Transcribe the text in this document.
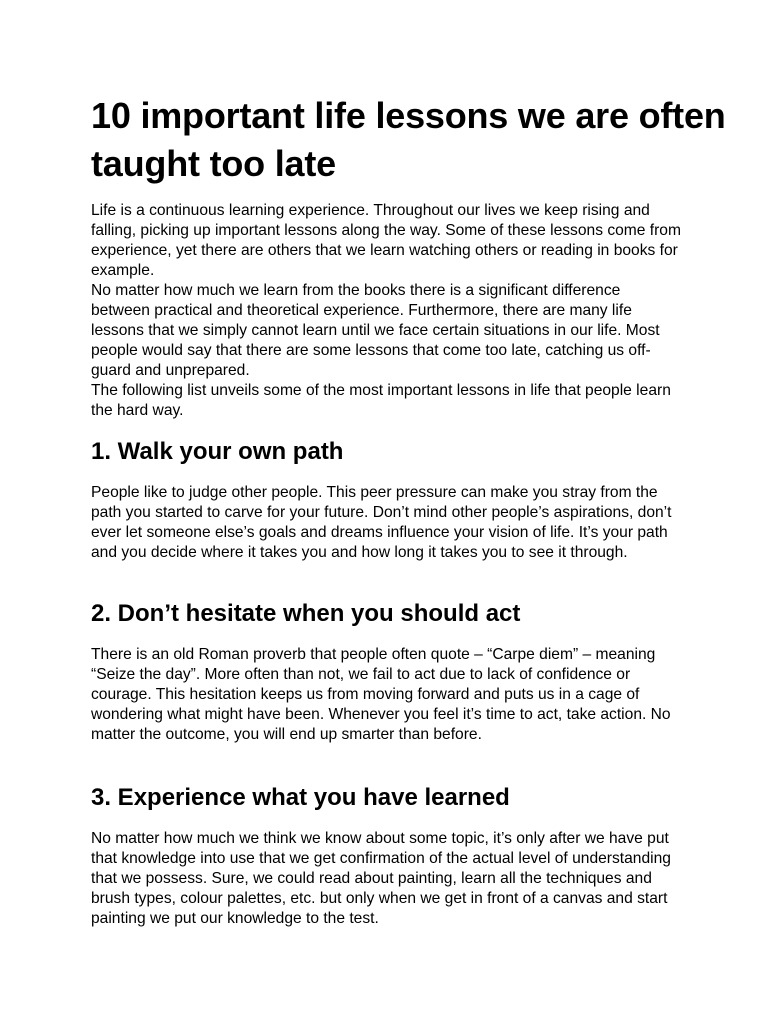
10 important life lessons we are often taught too late

Life is a continuous learning experience. Throughout our lives we keep rising and falling, picking up important lessons along the way. Some of these lessons come from experience, yet there are others that we learn watching others or reading in books for example.

No matter how much we learn from the books there is a significant difference between practical and theoretical experience. Furthermore, there are many life lessons that we simply cannot learn until we face certain situations in our life. Most people would say that there are some lessons that come too late, catching us off-guard and unprepared.

The following list unveils some of the most important lessons in life that people learn the hard way.

1. Walk your own path

People like to judge other people. This peer pressure can make you stray from the path you started to carve for your future. Don’t mind other people’s aspirations, don’t ever let someone else’s goals and dreams influence your vision of life. It’s your path and you decide where it takes you and how long it takes you to see it through.

2. Don’t hesitate when you should act

There is an old Roman proverb that people often quote – “Carpe diem” – meaning “Seize the day”. More often than not, we fail to act due to lack of confidence or courage. This hesitation keeps us from moving forward and puts us in a cage of wondering what might have been. Whenever you feel it’s time to act, take action. No matter the outcome, you will end up smarter than before.

3. Experience what you have learned

No matter how much we think we know about some topic, it’s only after we have put that knowledge into use that we get confirmation of the actual level of understanding that we possess. Sure, we could read about painting, learn all the techniques and brush types, colour palettes, etc. but only when we get in front of a canvas and start painting we put our knowledge to the test.
